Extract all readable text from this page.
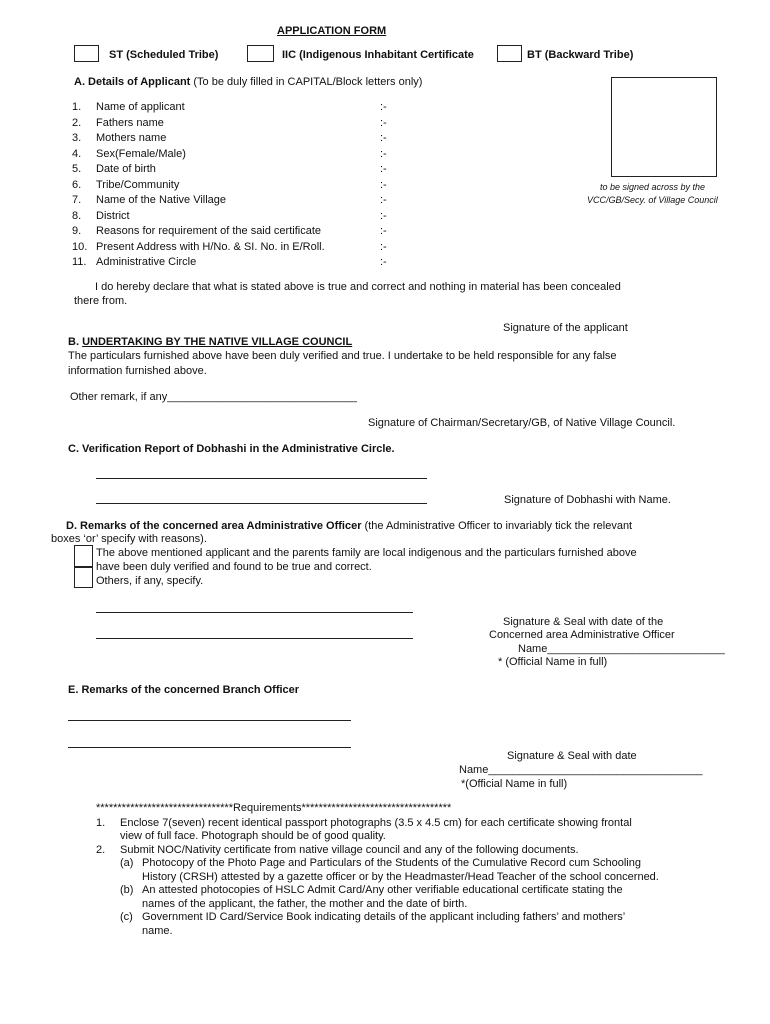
APPLICATION FORM
ST (Scheduled Tribe)	IIC (Indigenous Inhabitant Certificate	BT (Backward Tribe)
A. Details of Applicant (To be duly filled in CAPITAL/Block letters only)
1. Name of applicant	:-
2. Fathers name	:-
3. Mothers name	:-
4. Sex(Female/Male)	:-
5. Date of birth	:-
6. Tribe/Community	:-
7. Name of the Native Village	:-
8. District	:-
9. Reasons for requirement of the said certificate	:-
10. Present Address with H/No. & SI. No. in E/Roll.	:-
11. Administrative Circle	:-
to be signed across by the
VCC/GB/Secy. of Village Council
I do hereby declare that what is stated above is true and correct and nothing in material has been concealed
there from.
Signature of the applicant
B. UNDERTAKING BY THE NATIVE VILLAGE COUNCIL
The particulars furnished above have been duly verified and true. I undertake to be held responsible for any false
information furnished above.
Other remark, if any_______________________________
Signature of Chairman/Secretary/GB, of Native Village Council.
C. Verification Report of Dobhashi in the Administrative Circle.
Signature of Dobhashi with Name.
D. Remarks of the concerned area Administrative Officer (the Administrative Officer to invariably tick the relevant
boxes ‘or’ specify with reasons).
The above mentioned applicant and the parents family are local indigenous and the particulars furnished above
have been duly verified and found to be true and correct.
Others, if any, specify.
Signature & Seal with date of the
Concerned area Administrative Officer
Name_____________________________
* (Official Name in full)
E. Remarks of the concerned Branch Officer
Signature & Seal with date
Name___________________________________
*(Official Name in full)
********************************Requirements***********************************
1. Enclose 7(seven) recent identical passport photographs (3.5 x 4.5 cm) for each certificate showing frontal
view of full face. Photograph should be of good quality.
2. Submit NOC/Nativity certificate from native village council and any of the following documents.
(a) Photocopy of the Photo Page and Particulars of the Students of the Cumulative Record cum Schooling
History (CRSH) attested by a gazette officer or by the Headmaster/Head Teacher of the school concerned.
(b) An attested photocopies of HSLC Admit Card/Any other verifiable educational certificate stating the
names of the applicant, the father, the mother and the date of birth.
(c) Government ID Card/Service Book indicating details of the applicant including fathers’ and mothers’
name.
